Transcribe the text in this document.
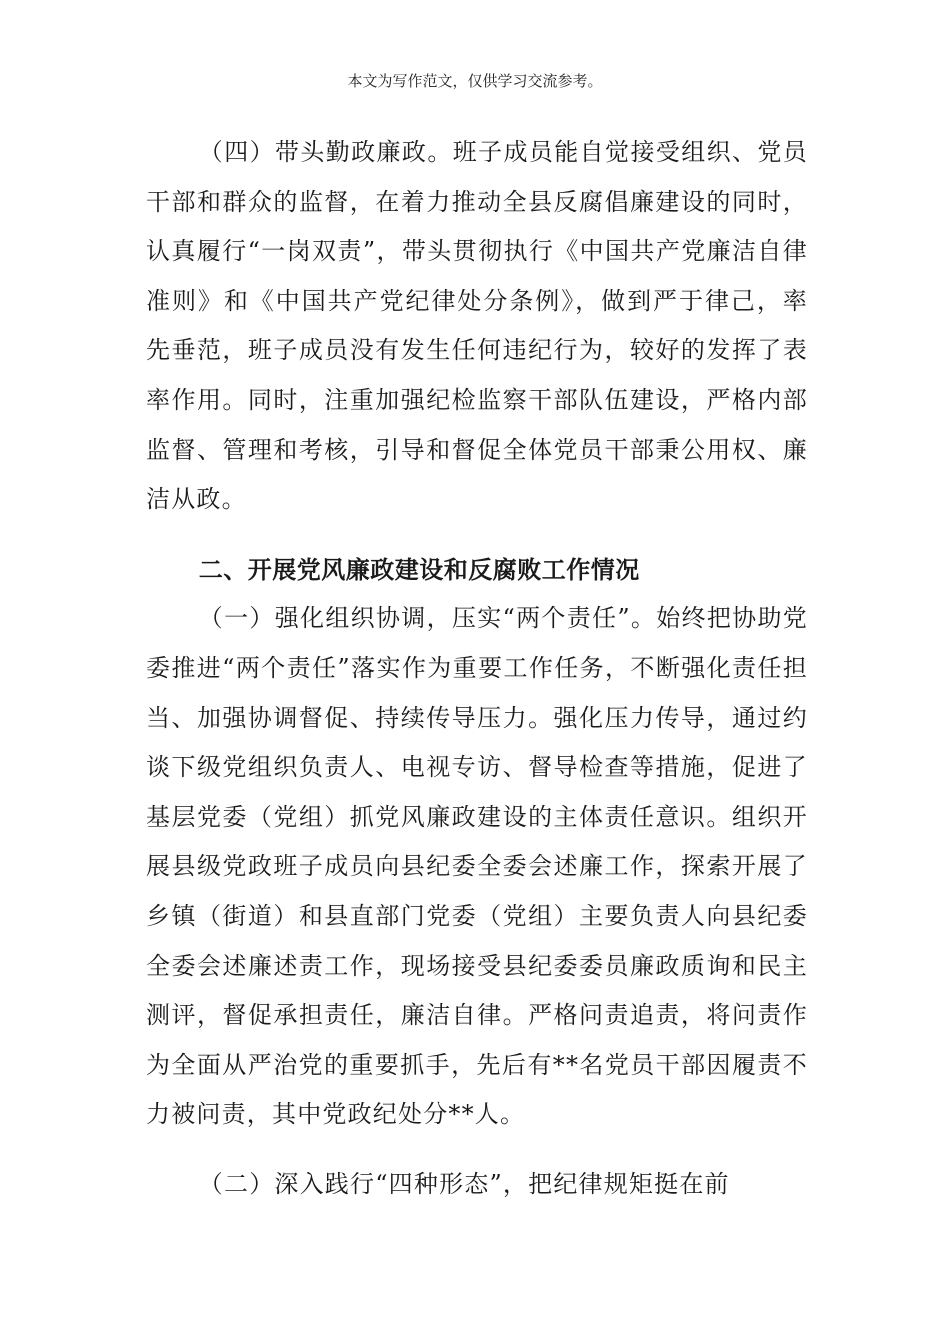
本文为写作范文，仅供学习交流参考。

（四）带头勤政廉政。班子成员能自觉接受组织、党员干部和群众的监督，在着力推动全县反腐倡廉建设的同时，认真履行“一岗双责”，带头贯彻执行《中国共产党廉洁自律准则》和《中国共产党纪律处分条例》，做到严于律己，率先垂范，班子成员没有发生任何违纪行为，较好的发挥了表率作用。同时，注重加强纪检监察干部队伍建设，严格内部监督、管理和考核，引导和督促全体党员干部秉公用权、廉洁从政。

二、开展党风廉政建设和反腐败工作情况

（一）强化组织协调，压实“两个责任”。始终把协助党委推进“两个责任”落实作为重要工作任务，不断强化责任担当、加强协调督促、持续传导压力。强化压力传导，通过约谈下级党组织负责人、电视专访、督导检查等措施，促进了基层党委（党组）抓党风廉政建设的主体责任意识。组织开展县级党政班子成员向县纪委全委会述廉工作，探索开展了乡镇（街道）和县直部门党委（党组）主要负责人向县纪委全委会述廉述责工作，现场接受县纪委委员廉政质询和民主测评，督促承担责任，廉洁自律。严格问责追责，将问责作为全面从严治党的重要抓手，先后有**名党员干部因履责不力被问责，其中党政纪处分**人。

（二）深入践行“四种形态”，把纪律规矩挺在前
